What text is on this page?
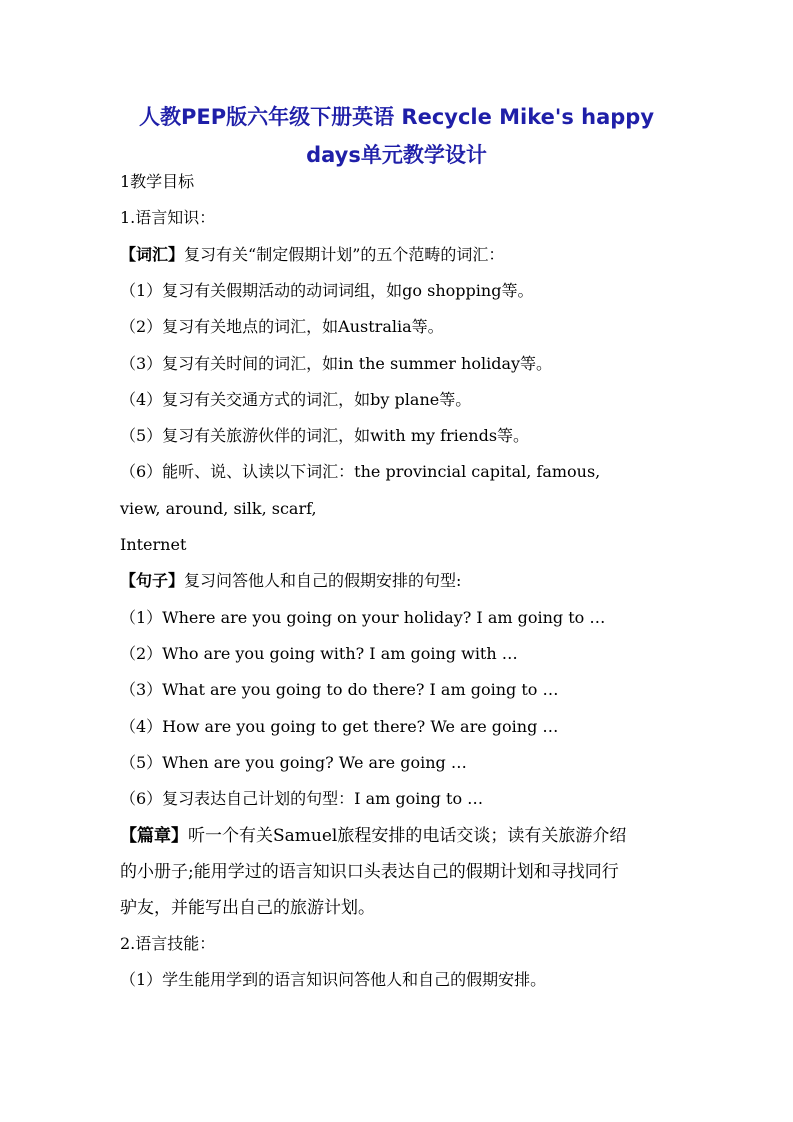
人教PEP版六年级下册英语 Recycle Mike's happy
days单元教学设计
1教学目标
1.语言知识：
【词汇】复习有关“制定假期计划”的五个范畴的词汇：
（1）复习有关假期活动的动词词组，如go shopping等。
（2）复习有关地点的词汇，如Australia等。
（3）复习有关时间的词汇，如in the summer holiday等。
（4）复习有关交通方式的词汇，如by plane等。
（5）复习有关旅游伙伴的词汇，如with my friends等。
（6）能听、说、认读以下词汇：the provincial capital, famous,
view, around, silk, scarf,
Internet
【句子】复习问答他人和自己的假期安排的句型:
（1）Where are you going on your holiday? I am going to …
（2）Who are you going with? I am going with …
（3）What are you going to do there? I am going to …
（4）How are you going to get there? We are going …
（5）When are you going? We are going …
（6）复习表达自己计划的句型：I am going to …
【篇章】听一个有关Samuel旅程安排的电话交谈；读有关旅游介绍
的小册子;能用学过的语言知识口头表达自己的假期计划和寻找同行
驴友，并能写出自己的旅游计划。
2.语言技能：
（1）学生能用学到的语言知识问答他人和自己的假期安排。
